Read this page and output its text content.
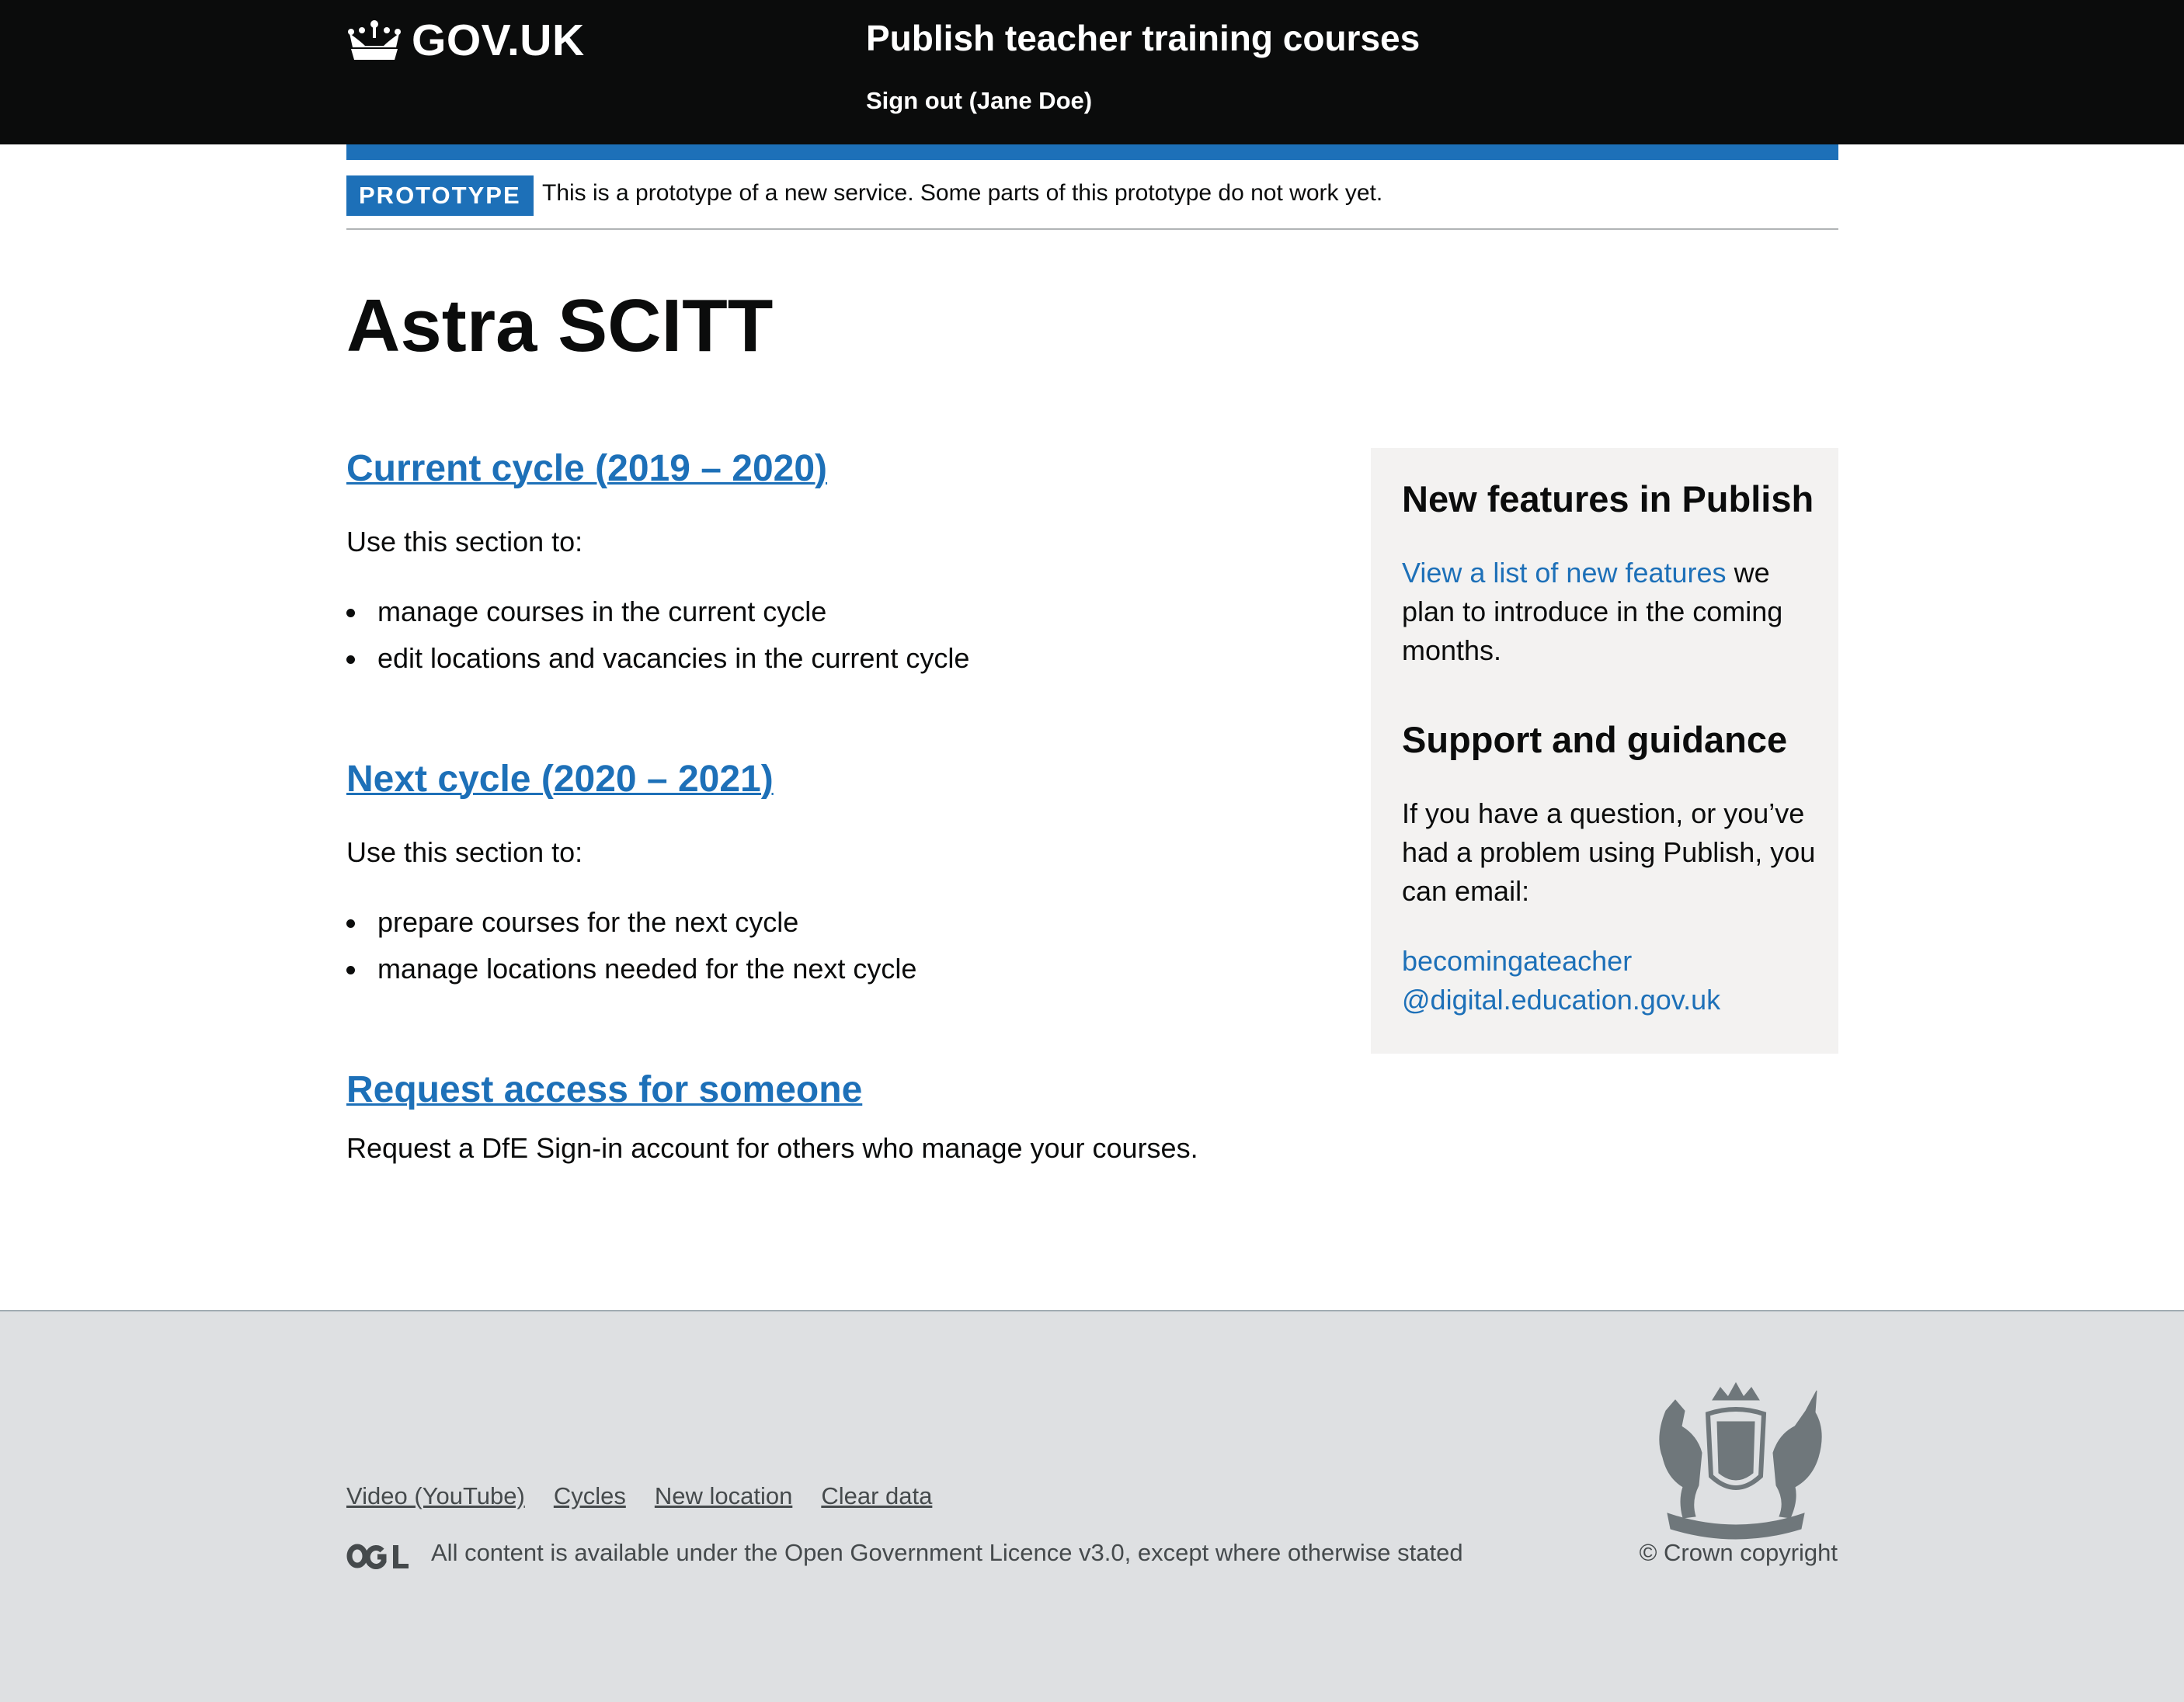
GOV.UK	Publish teacher training courses
Sign out (Jane Doe)
PROTOTYPE This is a prototype of a new service. Some parts of this prototype do not work yet.
Astra SCITT
Current cycle (2019 – 2020)
Use this section to:
manage courses in the current cycle
edit locations and vacancies in the current cycle
Next cycle (2020 – 2021)
Use this section to:
prepare courses for the next cycle
manage locations needed for the next cycle
Request access for someone
Request a DfE Sign-in account for others who manage your courses.
New features in Publish

View a list of new features we plan to introduce in the coming months.

Support and guidance

If you have a question, or you’ve had a problem using Publish, you can email:

becomingateacher
@digital.education.gov.uk

Video (YouTube) Cycles New location Clear data
All content is available under the Open Government Licence v3.0, except where otherwise stated	© Crown copyright
